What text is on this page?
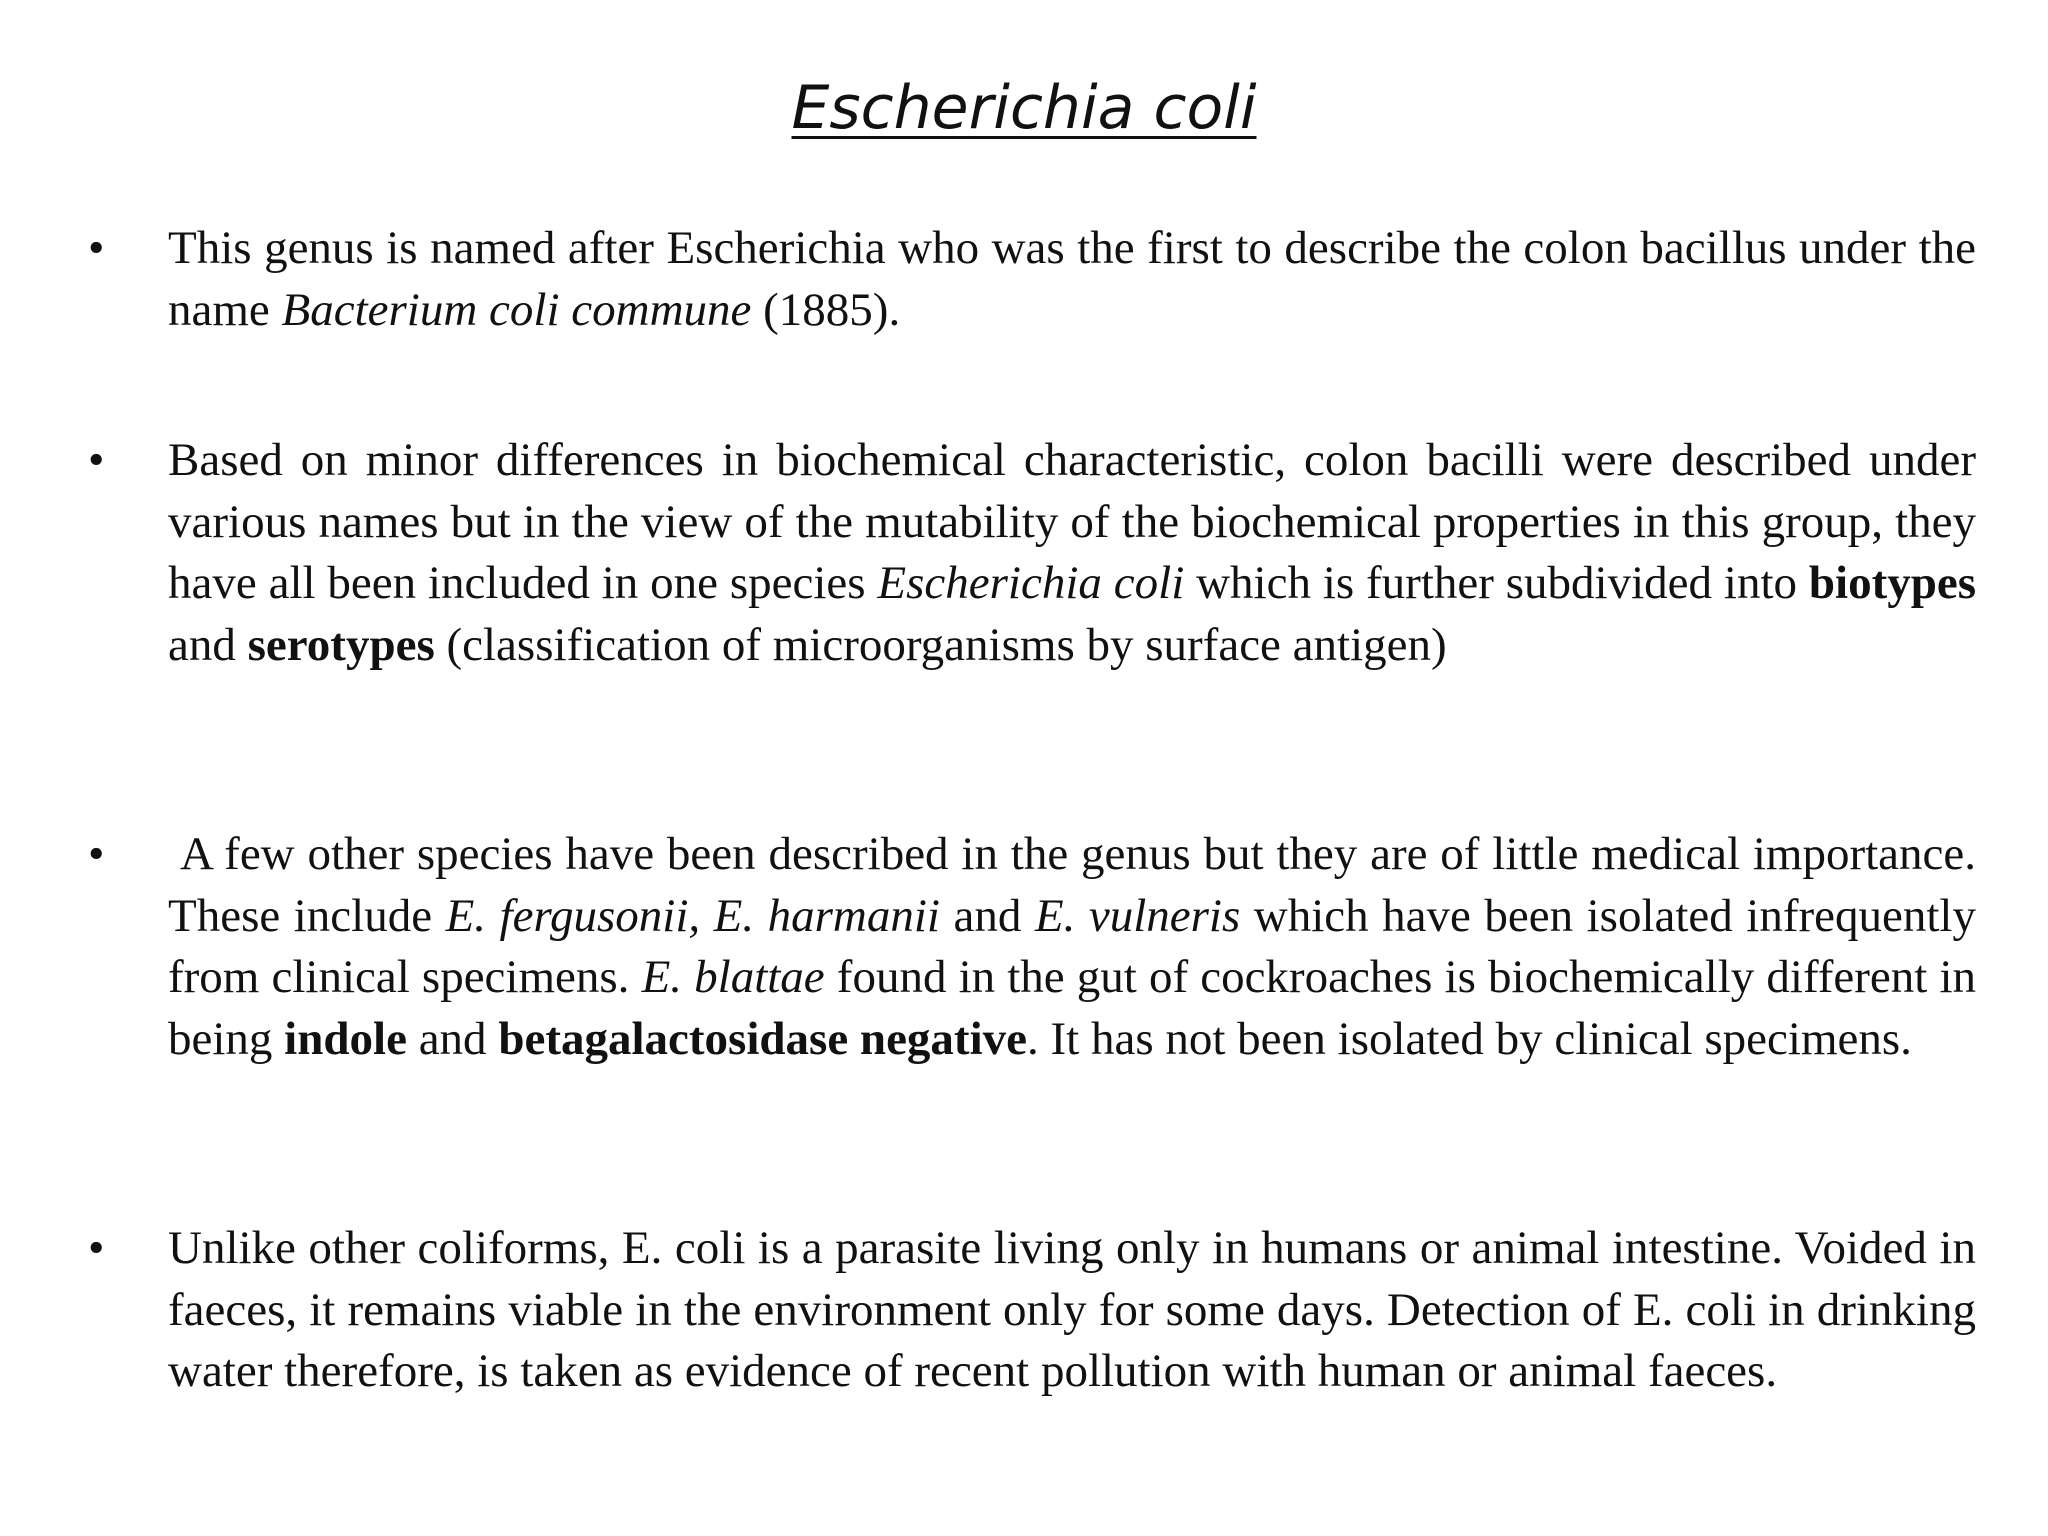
Escherichia coli
• This genus is named after Escherichia who was the first to describe the colon bacillus under the name Bacterium coli commune (1885).
• Based on minor differences in biochemical characteristic, colon bacilli were described under various names but in the view of the mutability of the biochemical properties in this group, they have all been included in one species Escherichia coli which is further subdivided into biotypes and serotypes (classification of microorganisms by surface antigen)
• A few other species have been described in the genus but they are of little medical importance. These include E. fergusonii, E. harmanii and E. vulneris which have been isolated infrequently from clinical specimens. E. blattae found in the gut of cockroaches is biochemically different in being indole and betagalactosidase negative. It has not been isolated by clinical specimens.
• Unlike other coliforms, E. coli is a parasite living only in humans or animal intestine. Voided in faeces, it remains viable in the environment only for some days. Detection of E. coli in drinking water therefore, is taken as evidence of recent pollution with human or animal faeces.
